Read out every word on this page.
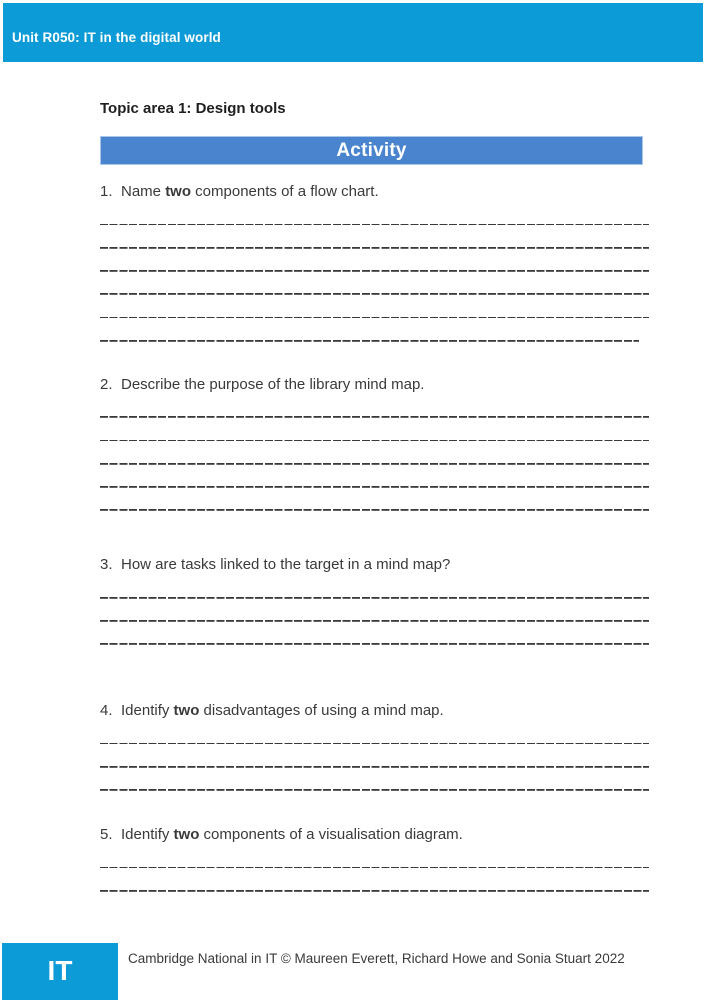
Unit R050: IT in the digital world
Topic area 1: Design tools
Activity
1. Name two components of a flow chart.
2. Describe the purpose of the library mind map.
3. How are tasks linked to the target in a mind map?
4. Identify two disadvantages of using a mind map.
5. Identify two components of a visualisation diagram.
IT	Cambridge National in IT © Maureen Everett, Richard Howe and Sonia Stuart 2022
